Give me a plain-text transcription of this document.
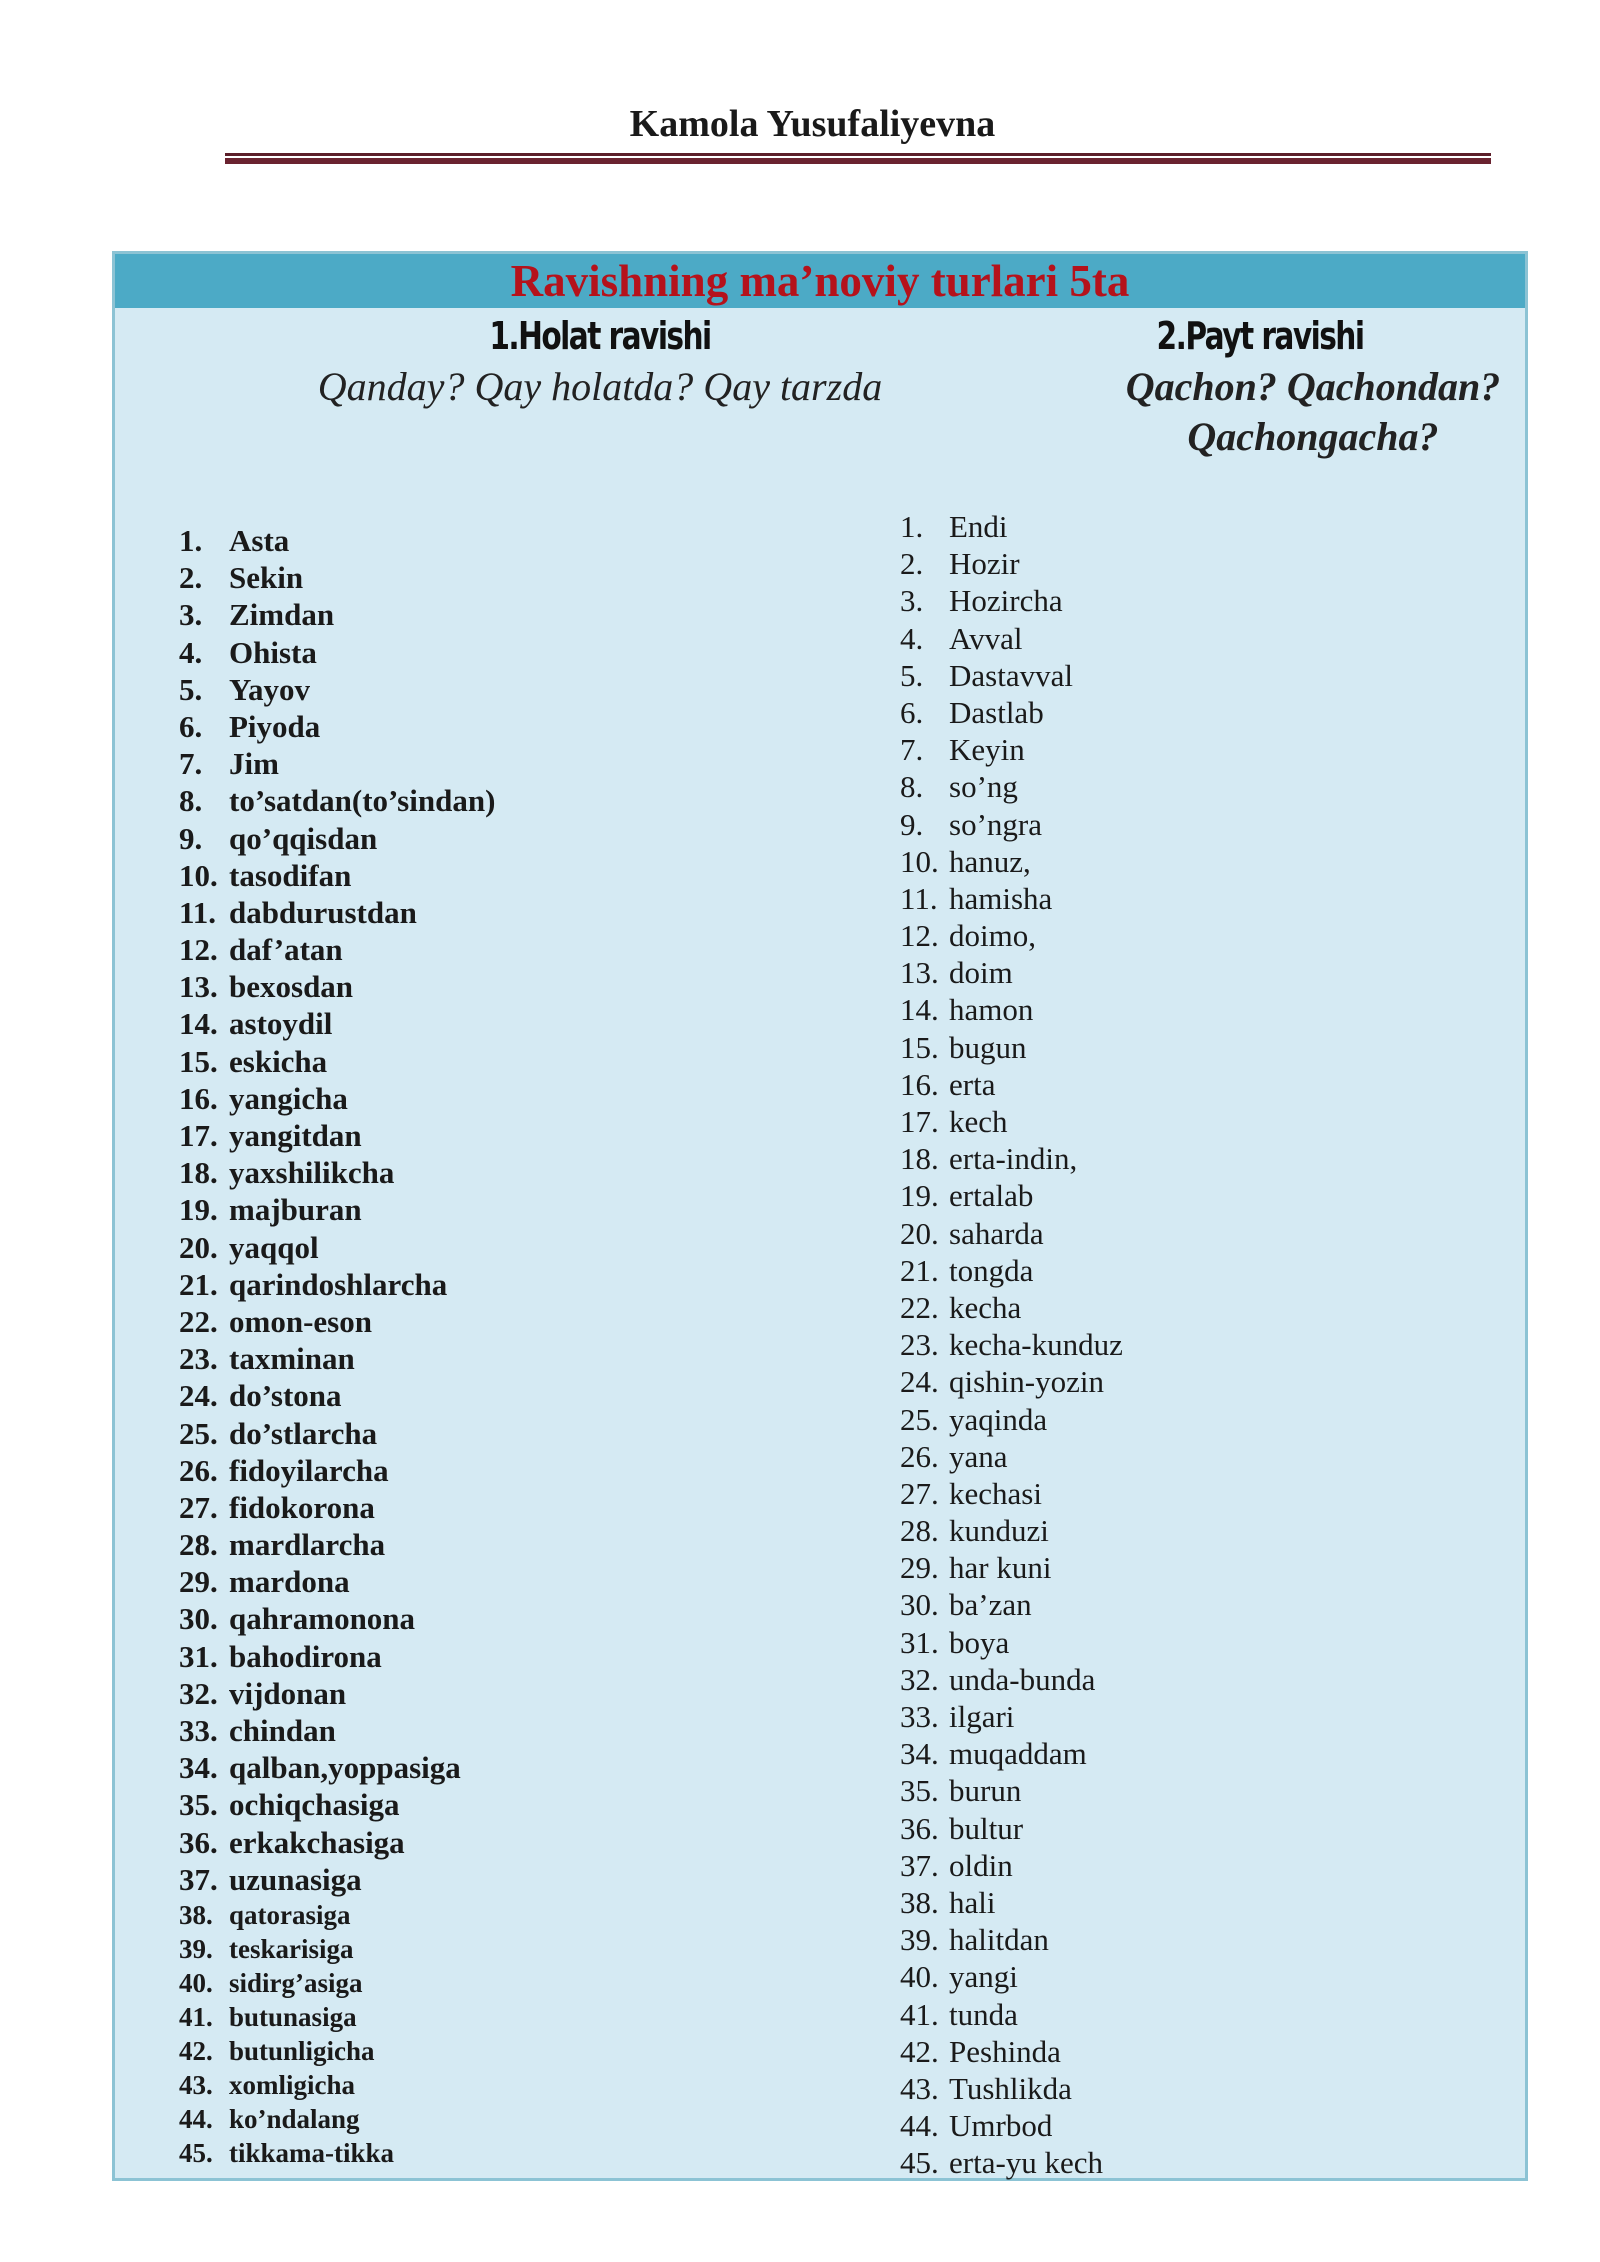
Kamola Yusufaliyevna
Ravishning ma’noviy turlari 5ta
1.Holat ravishi	2.Payt ravishi
Qanday? Qay holatda? Qay tarzda	Qachon? Qachondan?
Qachongacha?
1. Asta
2. Sekin
3. Zimdan
4. Ohista
5. Yayov
6. Piyoda
7. Jim
8. to’satdan(to’sindan)
9. qo’qqisdan
10. tasodifan
11. dabdurustdan
12. daf’atan
13. bexosdan
14. astoydil
15. eskicha
16. yangicha
17. yangitdan
18. yaxshilikcha
19. majburan
20. yaqqol
21. qarindoshlarcha
22. omon-eson
23. taxminan
24. do’stona
25. do’stlarcha
26. fidoyilarcha
27. fidokorona
28. mardlarcha
29. mardona
30. qahramonona
31. bahodirona
32. vijdonan
33. chindan
34. qalban,yoppasiga
35. ochiqchasiga
36. erkakchasiga
37. uzunasiga
38. qatorasiga
39. teskarisiga
40. sidirg’asiga
41. butunasiga
42. butunligicha
43. xomligicha
44. ko’ndalang
45. tikkama-tikka
1. Endi
2. Hozir
3. Hozircha
4. Avval
5. Dastavval
6. Dastlab
7. Keyin
8. so’ng
9. so’ngra
10. hanuz,
11. hamisha
12. doimo,
13. doim
14. hamon
15. bugun
16. erta
17. kech
18. erta-indin,
19. ertalab
20. saharda
21. tongda
22. kecha
23. kecha-kunduz
24. qishin-yozin
25. yaqinda
26. yana
27. kechasi
28. kunduzi
29. har kuni
30. ba’zan
31. boya
32. unda-bunda
33. ilgari
34. muqaddam
35. burun
36. bultur
37. oldin
38. hali
39. halitdan
40. yangi
41. tunda
42. Peshinda
43. Tushlikda
44. Umrbod
45. erta-yu kech
